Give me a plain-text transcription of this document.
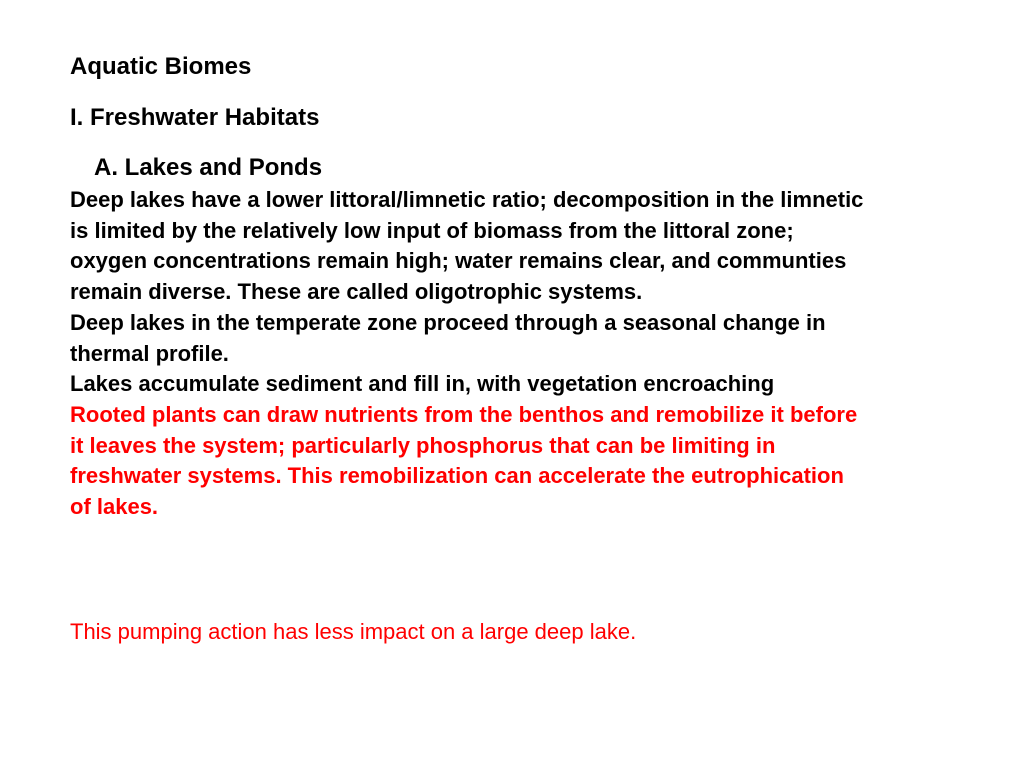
Aquatic Biomes
I. Freshwater Habitats
A. Lakes and Ponds

Deep lakes have a lower littoral/limnetic ratio; decomposition in the limnetic is limited by the relatively low input of biomass from the littoral zone; oxygen concentrations remain high; water remains clear, and communties remain diverse. These are called oligotrophic systems.

Deep lakes in the temperate zone proceed through a seasonal change in thermal profile.

Lakes accumulate sediment and fill in, with vegetation encroaching

Rooted plants can draw nutrients from the benthos and remobilize it before it leaves the system; particularly phosphorus that can be limiting in freshwater systems. This remobilization can accelerate the eutrophication of lakes.

This pumping action has less impact on a large deep lake.
